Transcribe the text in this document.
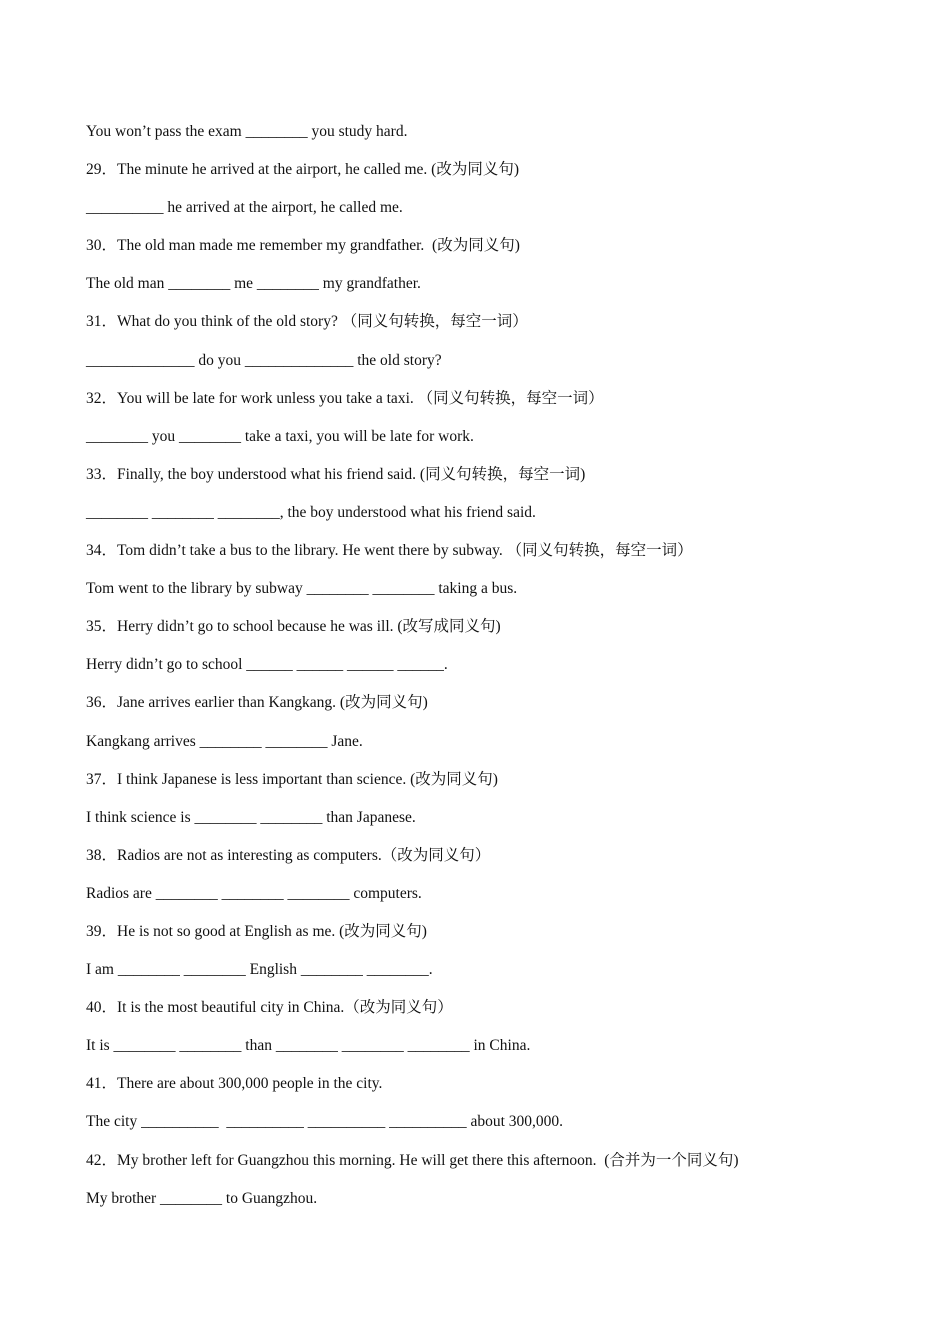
You won’t pass the exam ________ you study hard.
29．The minute he arrived at the airport, he called me. (改为同义句)
__________ he arrived at the airport, he called me.
30．The old man made me remember my grandfather.  (改为同义句)
The old man ________ me ________ my grandfather.
31．What do you think of the old story? （同义句转换，每空一词）
______________ do you ______________ the old story?
32．You will be late for work unless you take a taxi. （同义句转换，每空一词）
________ you ________ take a taxi, you will be late for work.
33．Finally, the boy understood what his friend said. (同义句转换，每空一词)
________ ________ ________, the boy understood what his friend said.
34．Tom didn’t take a bus to the library. He went there by subway. （同义句转换，每空一词）
Tom went to the library by subway ________ ________ taking a bus.
35．Herry didn’t go to school because he was ill. (改写成同义句)
Herry didn’t go to school ______ ______ ______ ______.
36．Jane arrives earlier than Kangkang. (改为同义句)
Kangkang arrives ________ ________ Jane.
37．I think Japanese is less important than science. (改为同义句)
I think science is ________ ________ than Japanese.
38．Radios are not as interesting as computers.（改为同义句）
Radios are ________ ________ ________ computers.
39．He is not so good at English as me. (改为同义句)
I am ________ ________ English ________ ________.
40．It is the most beautiful city in China.（改为同义句）
It is ________ ________ than ________ ________ ________ in China.
41．There are about 300,000 people in the city.
The city __________  __________ __________ __________ about 300,000.
42．My brother left for Guangzhou this morning. He will get there this afternoon.  (合并为一个同义句)
My brother ________ to Guangzhou.
